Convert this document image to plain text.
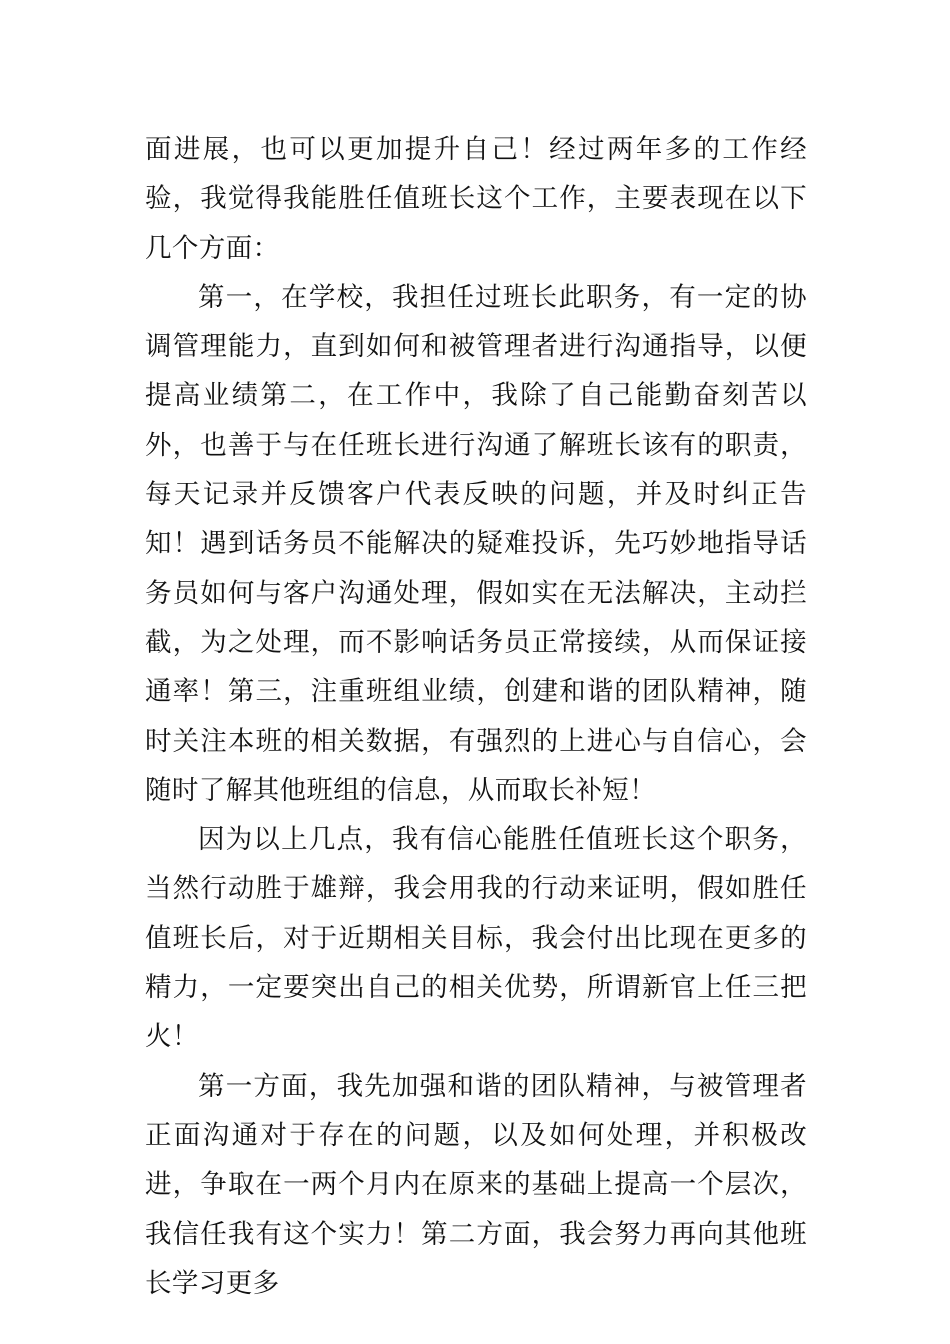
面进展，也可以更加提升自己！经过两年多的工作经验，我觉得我能胜任值班长这个工作，主要表现在以下几个方面：

第一，在学校，我担任过班长此职务，有一定的协调管理能力，直到如何和被管理者进行沟通指导，以便提高业绩第二，在工作中，我除了自己能勤奋刻苦以外，也善于与在任班长进行沟通了解班长该有的职责，每天记录并反馈客户代表反映的问题，并及时纠正告知！遇到话务员不能解决的疑难投诉，先巧妙地指导话务员如何与客户沟通处理，假如实在无法解决，主动拦截，为之处理，而不影响话务员正常接续，从而保证接通率！第三，注重班组业绩，创建和谐的团队精神，随时关注本班的相关数据，有强烈的上进心与自信心，会随时了解其他班组的信息，从而取长补短！

因为以上几点，我有信心能胜任值班长这个职务，当然行动胜于雄辩，我会用我的行动来证明，假如胜任值班长后，对于近期相关目标，我会付出比现在更多的精力，一定要突出自己的相关优势，所谓新官上任三把火！

第一方面，我先加强和谐的团队精神，与被管理者正面沟通对于存在的问题，以及如何处理，并积极改进，争取在一两个月内在原来的基础上提高一个层次，我信任我有这个实力！第二方面，我会努力再向其他班长学习更多
